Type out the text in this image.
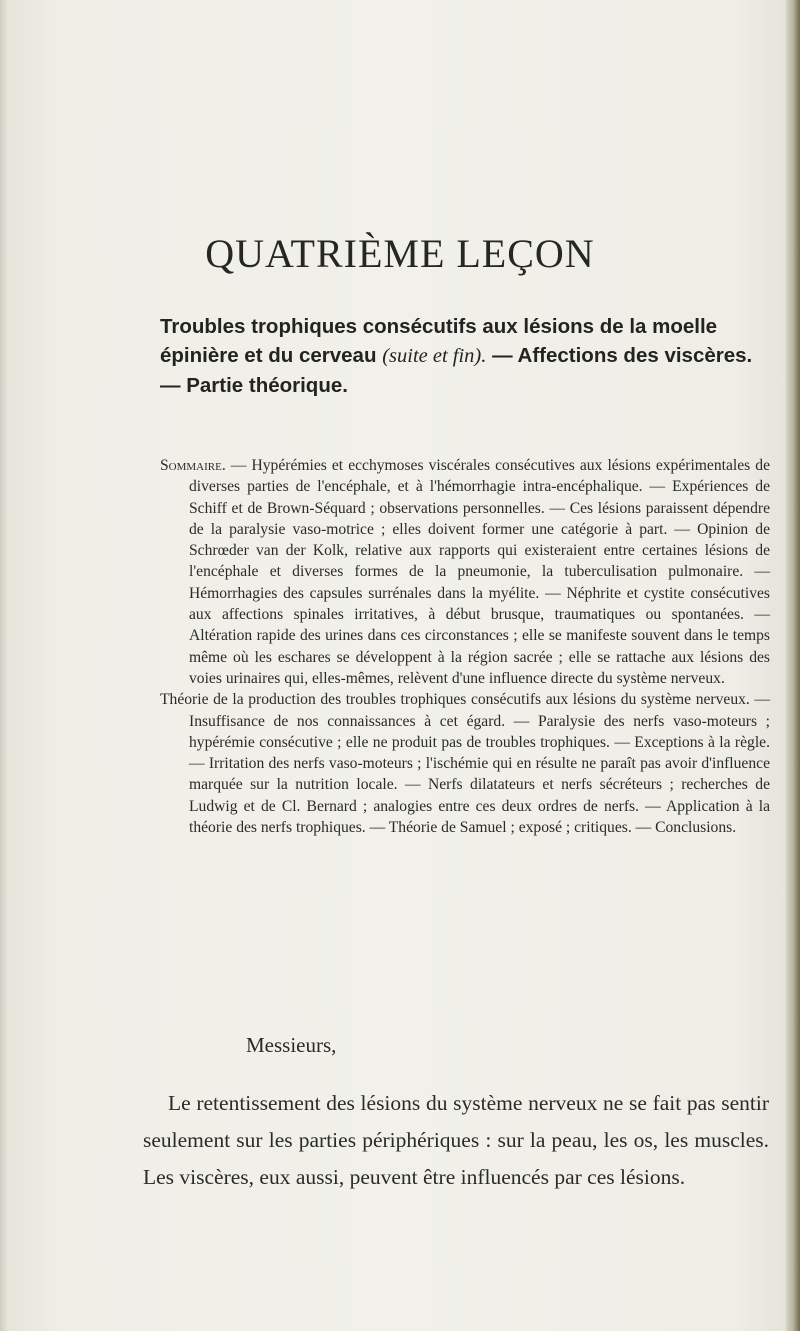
QUATRIÈME LEÇON
Troubles trophiques consécutifs aux lésions de la moelle épinière et du cerveau (suite et fin). — Affections des viscères. — Partie théorique.

Sommaire. — Hypérémies et ecchymoses viscérales consécutives aux lésions expérimentales de diverses parties de l'encéphale, et à l'hémorrhagie intra-encéphalique. — Expériences de Schiff et de Brown-Séquard ; observations personnelles. — Ces lésions paraissent dépendre de la paralysie vaso-motrice ; elles doivent former une catégorie à part. — Opinion de Schrœder van der Kolk, relative aux rapports qui existeraient entre certaines lésions de l'encéphale et diverses formes de la pneumonie, la tuberculisation pulmonaire. — Hémorrhagies des capsules surrénales dans la myélite. — Néphrite et cystite consécutives aux affections spinales irritatives, à début brusque, traumatiques ou spontanées. — Altération rapide des urines dans ces circonstances ; elle se manifeste souvent dans le temps même où les eschares se développent à la région sacrée ; elle se rattache aux lésions des voies urinaires qui, elles-mêmes, relèvent d'une influence directe du système nerveux.

Théorie de la production des troubles trophiques consécutifs aux lésions du système nerveux. — Insuffisance de nos connaissances à cet égard. — Paralysie des nerfs vaso-moteurs ; hypérémie consécutive ; elle ne produit pas de troubles trophiques. — Exceptions à la règle. — Irritation des nerfs vaso-moteurs ; l'ischémie qui en résulte ne paraît pas avoir d'influence marquée sur la nutrition locale. — Nerfs dilatateurs et nerfs sécréteurs ; recherches de Ludwig et de Cl. Bernard ; analogies entre ces deux ordres de nerfs. — Application à la théorie des nerfs trophiques. — Théorie de Samuel ; exposé ; critiques. — Conclusions.

Messieurs,

Le retentissement des lésions du système nerveux ne se fait pas sentir seulement sur les parties périphériques : sur la peau, les os, les muscles. Les viscères, eux aussi, peuvent être influencés par ces lésions.
